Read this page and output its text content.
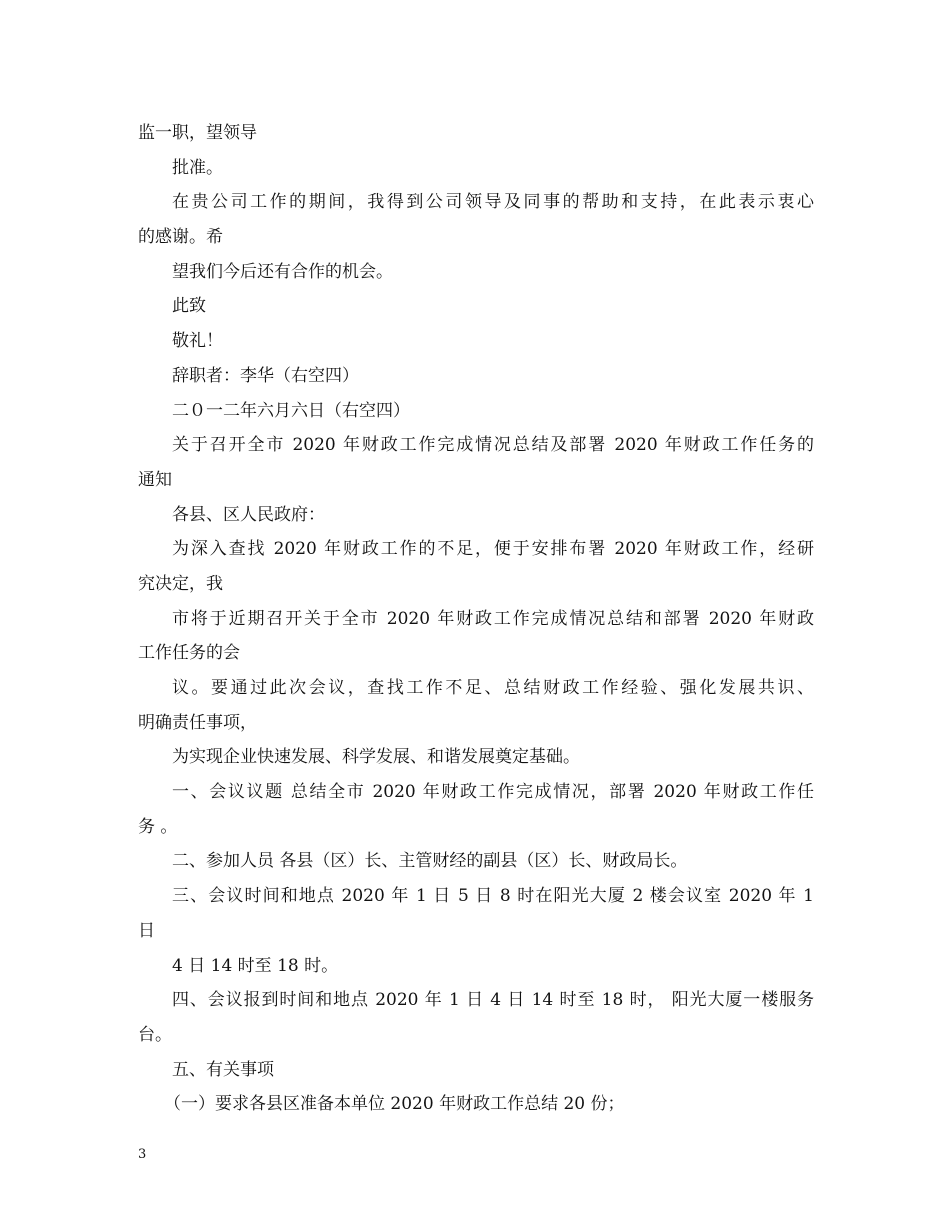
监一职，望领导
批准。
在贵公司工作的期间，我得到公司领导及同事的帮助和支持，在此表示衷心
的感谢。希
望我们今后还有合作的机会。
此致
敬礼！
辞职者：李华（右空四）
二０一二年六月六日（右空四）
关于召开全市 2020 年财政工作完成情况总结及部署 2020 年财政工作任务的
通知
各县、区人民政府：
为深入查找 2020 年财政工作的不足，便于安排布署 2020 年财政工作，经研
究决定，我
市将于近期召开关于全市 2020 年财政工作完成情况总结和部署 2020 年财政
工作任务的会
议。要通过此次会议，查找工作不足、总结财政工作经验、强化发展共识、
明确责任事项，
为实现企业快速发展、科学发展、和谐发展奠定基础。
一、会议议题 总结全市 2020 年财政工作完成情况，部署 2020 年财政工作任
务 。
二、参加人员 各县（区）长、主管财经的副县（区）长、财政局长。
三、会议时间和地点 2020 年 1 日 5 日 8 时在阳光大厦 2 楼会议室 2020 年 1
日
4 日 14 时至 18 时。
四、会议报到时间和地点 2020 年 1 日 4 日 14 时至 18 时， 阳光大厦一楼服务
台。
五、有关事项
（一）要求各县区准备本单位 2020 年财政工作总结 20 份；
3
